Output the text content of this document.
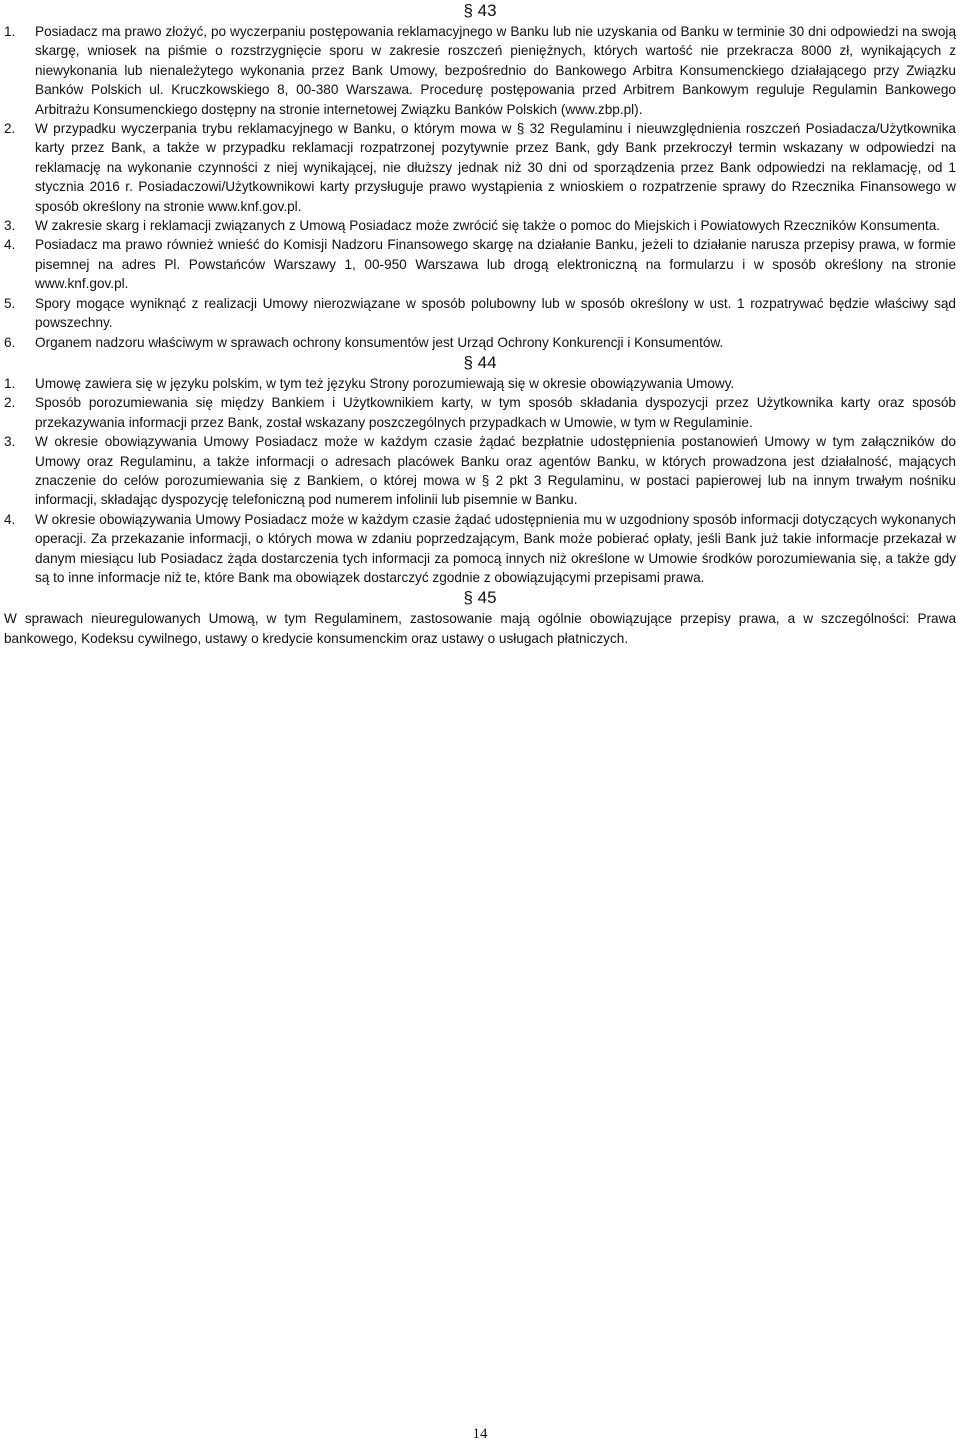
§ 43

1.	Posiadacz ma prawo złożyć, po wyczerpaniu postępowania reklamacyjnego w Banku lub nie uzyskania od Banku w terminie 30 dni odpowiedzi na swoją skargę, wniosek na piśmie o rozstrzygnięcie sporu w zakresie roszczeń pieniężnych, których wartość nie przekracza 8000 zł, wynikających z niewykonania lub nienależytego wykonania przez Bank Umowy, bezpośrednio do Bankowego Arbitra Konsumenckiego działającego przy Związku Banków Polskich ul. Kruczkowskiego 8, 00-380 Warszawa. Procedurę postępowania przed Arbitrem Bankowym reguluje Regulamin Bankowego Arbitrażu Konsumenckiego dostępny na stronie internetowej Związku Banków Polskich (www.zbp.pl).
2.	W przypadku wyczerpania trybu reklamacyjnego w Banku, o którym mowa w § 32 Regulaminu i nieuwzględnienia roszczeń Posiadacza/Użytkownika karty przez Bank, a także w przypadku reklamacji rozpatrzonej pozytywnie przez Bank, gdy Bank przekroczył termin wskazany w odpowiedzi na reklamację na wykonanie czynności z niej wynikającej, nie dłuższy jednak niż 30 dni od sporządzenia przez Bank odpowiedzi na reklamację, od 1 stycznia 2016 r. Posiadaczowi/Użytkownikowi karty przysługuje prawo wystąpienia z wnioskiem o rozpatrzenie sprawy do Rzecznika Finansowego w sposób określony na stronie www.knf.gov.pl.
3.	W zakresie skarg i reklamacji związanych z Umową Posiadacz może zwrócić się także o pomoc do Miejskich i Powiatowych Rzeczników Konsumenta.
4.	Posiadacz ma prawo również wnieść do Komisji Nadzoru Finansowego skargę na działanie Banku, jeżeli to działanie narusza przepisy prawa, w formie pisemnej na adres Pl. Powstańców Warszawy 1, 00-950 Warszawa lub drogą elektroniczną na formularzu i w sposób określony na stronie www.knf.gov.pl.
5.	Spory mogące wyniknąć z realizacji Umowy nierozwiązane w sposób polubowny lub w sposób określony w ust. 1 rozpatrywać będzie właściwy sąd powszechny.
6.	Organem nadzoru właściwym w sprawach ochrony konsumentów jest Urząd Ochrony Konkurencji i Konsumentów.

§ 44

1.	Umowę zawiera się w języku polskim, w tym też języku Strony porozumiewają się w okresie obowiązywania Umowy.
2.	Sposób porozumiewania się między Bankiem i Użytkownikiem karty, w tym sposób składania dyspozycji przez Użytkownika karty oraz sposób przekazywania informacji przez Bank, został wskazany poszczególnych przypadkach w Umowie, w tym w Regulaminie.
3.	W okresie obowiązywania Umowy Posiadacz może w każdym czasie żądać bezpłatnie udostępnienia postanowień Umowy w tym załączników do Umowy oraz Regulaminu, a także informacji o adresach placówek Banku oraz agentów Banku, w których prowadzona jest działalność, mających znaczenie do celów porozumiewania się z Bankiem, o której mowa w § 2 pkt 3 Regulaminu, w postaci papierowej lub na innym trwałym nośniku informacji, składając dyspozycję telefoniczną pod numerem infolinii lub pisemnie w Banku.
4.	W okresie obowiązywania Umowy Posiadacz może w każdym czasie żądać udostępnienia mu w uzgodniony sposób informacji dotyczących wykonanych operacji. Za przekazanie informacji, o których mowa w zdaniu poprzedzającym, Bank może pobierać opłaty, jeśli Bank już takie informacje przekazał w danym miesiącu lub Posiadacz żąda dostarczenia tych informacji za pomocą innych niż określone w Umowie środków porozumiewania się, a także gdy są to inne informacje niż te, które Bank ma obowiązek dostarczyć zgodnie z obowiązującymi przepisami prawa.

§ 45

W sprawach nieuregulowanych Umową, w tym Regulaminem, zastosowanie mają ogólnie obowiązujące przepisy prawa, a w szczególności: Prawa bankowego, Kodeksu cywilnego, ustawy o kredycie konsumenckim oraz ustawy o usługach płatniczych.

14
